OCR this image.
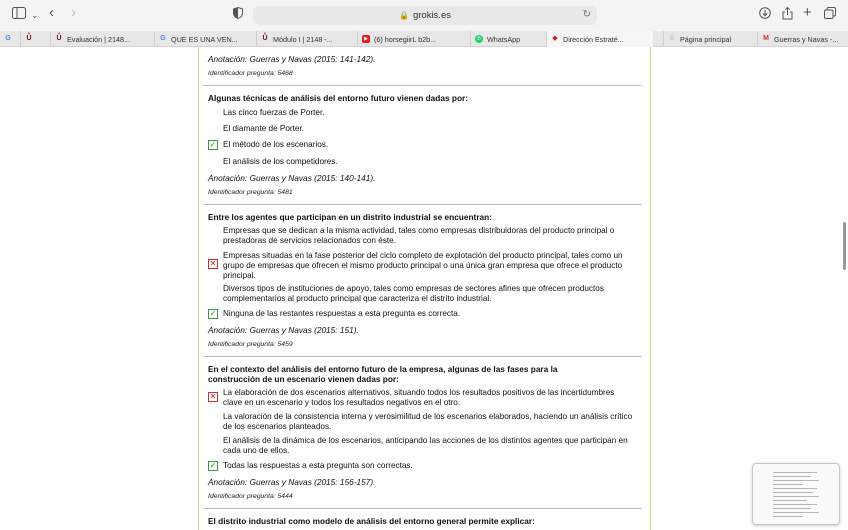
⌄ ‹ ›	🔒 grokis.es	↻	+
G Ů	Ů Evaluación | 2148...	G QUE ES UNA VEN...	Ů Módulo I | 2148 -...	▶ (6) horsegiirL b2b...	✆ WhatsApp	◆ Dirección Estraté...	☆ Página principal	M Guerras y Navas -...
Anotación: Guerras y Navas (2015: 141-142).
Identificador pregunta: 5468
Algunas técnicas de análisis del entorno futuro vienen dadas por:
Las cinco fuerzas de Porter.
El diamante de Porter.
✓ El método de los escenarios.
El análisis de los competidores.
Anotación: Guerras y Navas (2015: 140-141).
Identificador pregunta: 5481
Entre los agentes que participan en un distrito industrial se encuentran:
Empresas que se dedican a la misma actividad, tales como empresas distribuidoras del producto principal o prestadoras de servicios relacionados con éste.
✕
Empresas situadas en la fase posterior del ciclo completo de explotación del producto principal, tales como un grupo de empresas que ofrecen el mismo producto principal o una única gran empresa que ofrece el producto principal.
Diversos tipos de instituciones de apoyo, tales como empresas de sectores afines que ofrecen productos complementarios al producto principal que caracteriza el distrito industrial.
✓ Ninguna de las restantes respuestas a esta pregunta es correcta.
Anotación: Guerras y Navas (2015: 151).
Identificador pregunta: 5459
En el contexto del análisis del entorno futuro de la empresa, algunas de las fases para la construcción de un escenario vienen dadas por:
✕ La elaboración de dos escenarios alternativos, situando todos los resultados positivos de las incertidumbres clave en un escenario y todos los resultados negativos en el otro.
La valoración de la consistencia interna y verosimilitud de los escenarios elaborados, haciendo un análisis crítico de los escenarios planteados.
El análisis de la dinámica de los escenarios, anticipando las acciones de los distintos agentes que participan en cada uno de ellos.
✓ Todas las respuestas a esta pregunta son correctas.
Anotación: Guerras y Navas (2015: 156-157).
Identificador pregunta: 5444
El distrito industrial como modelo de análisis del entorno general permite explicar:
